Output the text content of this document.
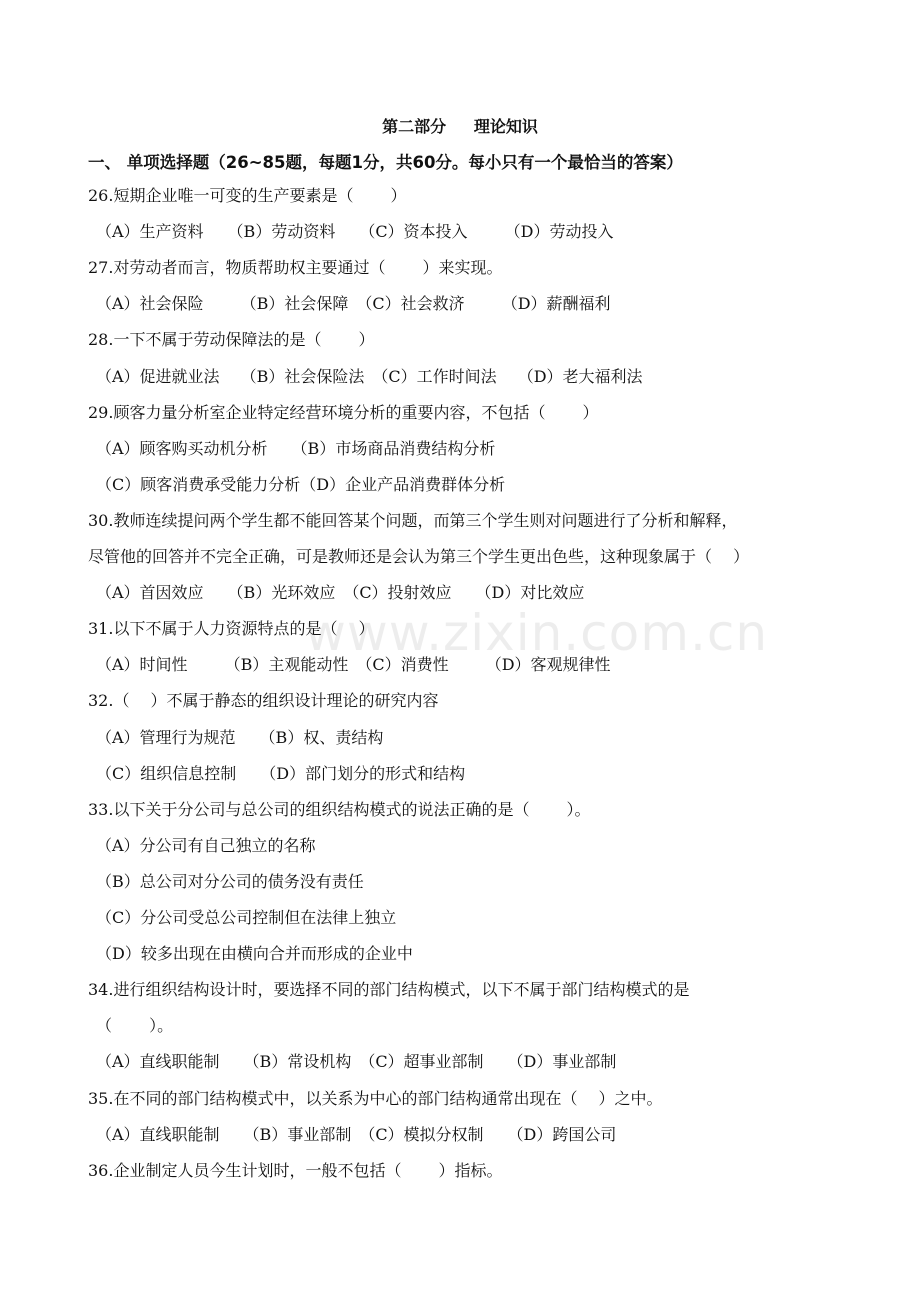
www.zixin.com.cn
第二部分     理论知识
一、 单项选择题（26~85题，每题1分，共60分。每小只有一个最恰当的答案）
26.短期企业唯一可变的生产要素是（　　 ）
（A）生产资料　　（B）劳动资料　　（C）资本投入　　 （D）劳动投入
27.对劳动者而言，物质帮助权主要通过（　　 ）来实现。
（A）社会保险　　 （B）社会保障　（C）社会救济　　 （D）薪酬福利
28.一下不属于劳动保障法的是（　　 ）
（A）促进就业法　 （B）社会保险法　（C）工作时间法　 （D）老大福利法
29.顾客力量分析室企业特定经营环境分析的重要内容，不包括（　　 ）
（A）顾客购买动机分析　　（B）市场商品消费结构分析
（C）顾客消费承受能力分析（D）企业产品消费群体分析
30.教师连续提问两个学生都不能回答某个问题，而第三个学生则对问题进行了分析和解释，
尽管他的回答并不完全正确，可是教师还是会认为第三个学生更出色些，这种现象属于（　 ）
（A）首因效应　　（B）光环效应　（C）投射效应　　（D）对比效应
31.以下不属于人力资源特点的是（　 ）
（A）时间性　　 （B）主观能动性　（C）消费性　　 （D）客观规律性
32.（　 ）不属于静态的组织设计理论的研究内容
（A）管理行为规范　　（B）权、责结构
（C）组织信息控制　　（D）部门划分的形式和结构
33.以下关于分公司与总公司的组织结构模式的说法正确的是（　　 ）。
（A）分公司有自己独立的名称
（B）总公司对分公司的债务没有责任
（C）分公司受总公司控制但在法律上独立
（D）较多出现在由横向合并而形成的企业中
34.进行组织结构设计时，要选择不同的部门结构模式，以下不属于部门结构模式的是
（　　 ）。
（A）直线职能制　　（B）常设机构　（C）超事业部制　　（D）事业部制
35.在不同的部门结构模式中，以关系为中心的部门结构通常出现在（　 ）之中。
（A）直线职能制　　（B）事业部制　（C）模拟分权制　　（D）跨国公司
36.企业制定人员今生计划时，一般不包括（　　 ）指标。
